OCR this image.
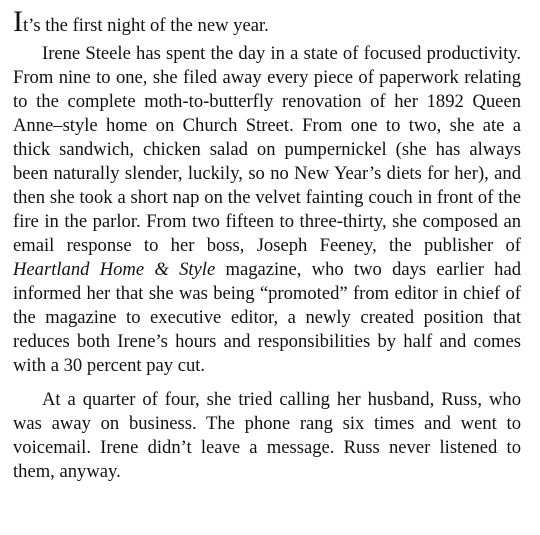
It’s the first night of the new year.

Irene Steele has spent the day in a state of focused productivity. From nine to one, she filed away every piece of paperwork relating to the complete moth-to-butterfly renovation of her 1892 Queen Anne–style home on Church Street. From one to two, she ate a thick sandwich, chicken salad on pumpernickel (she has always been naturally slender, luckily, so no New Year’s diets for her), and then she took a short nap on the velvet fainting couch in front of the fire in the parlor. From two fifteen to three-thirty, she composed an email response to her boss, Joseph Feeney, the publisher of Heartland Home & Style magazine, who two days earlier had informed her that she was being “promoted” from editor in chief of the magazine to executive editor, a newly created position that reduces both Irene’s hours and responsibilities by half and comes with a 30 percent pay cut.

At a quarter of four, she tried calling her husband, Russ, who was away on business. The phone rang six times and went to voicemail. Irene didn’t leave a message. Russ never listened to them, anyway.
